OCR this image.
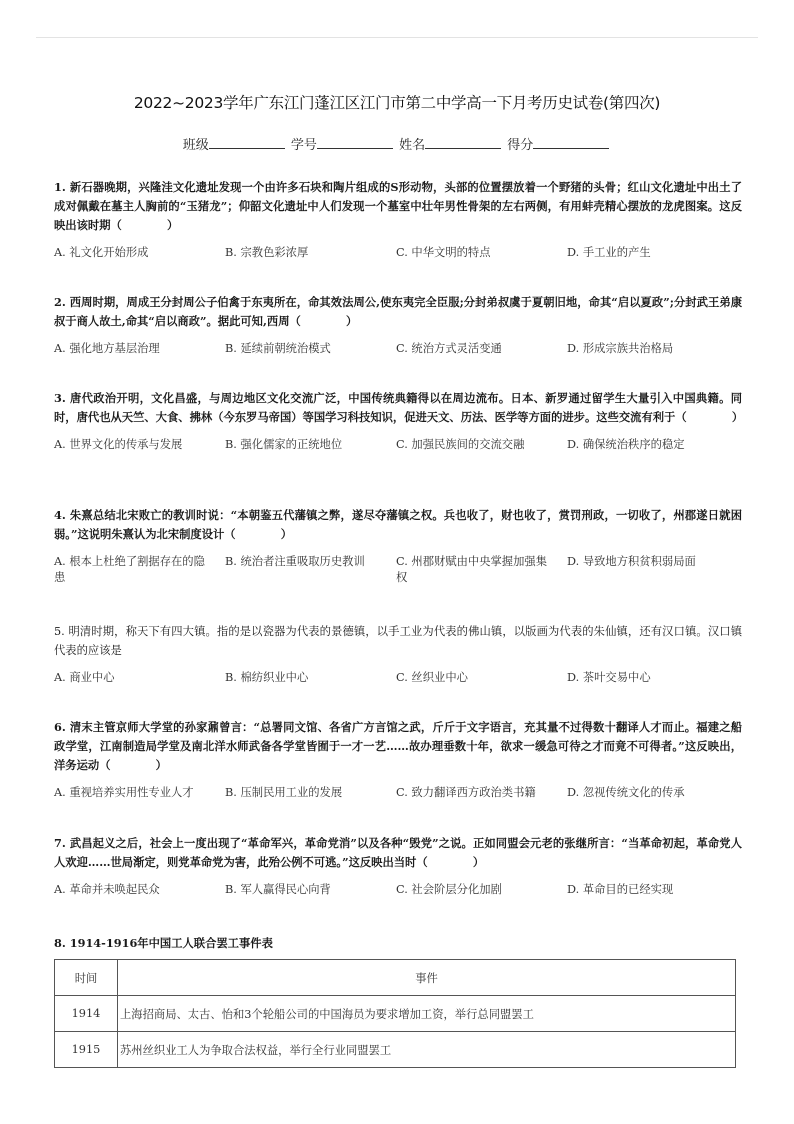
2022~2023学年广东江门蓬江区江门市第二中学高一下月考历史试卷(第四次)
班级	学号	姓名	得分
1. 新石器晚期，兴隆洼文化遗址发现一个由许多石块和陶片组成的S形动物，头部的位置摆放着一个野猪的头骨；红山文化遗址中出土了成对佩戴在墓主人胸前的“玉猪龙”；仰韶文化遗址中人们发现一个墓室中壮年男性骨架的左右两侧，有用蚌壳精心摆放的龙虎图案。这反映出该时期（　　　　）
A. 礼文化开始形成	B. 宗教色彩浓厚	C. 中华文明的特点	D. 手工业的产生
2. 西周时期，周成王分封周公子伯禽于东夷所在，命其效法周公,使东夷完全臣服;分封弟叔虞于夏朝旧地，命其“启以夏政”;分封武王弟康叔于商人故土,命其“启以商政”。据此可知,西周（　　　　）
A. 强化地方基层治理	B. 延续前朝统治模式	C. 统治方式灵活变通	D. 形成宗族共治格局
3. 唐代政治开明，文化昌盛，与周边地区文化交流广泛，中国传统典籍得以在周边流布。日本、新罗通过留学生大量引入中国典籍。同时，唐代也从天竺、大食、拂林（今东罗马帝国）等国学习科技知识，促进天文、历法、医学等方面的进步。这些交流有利于（　　　　）
A. 世界文化的传承与发展	B. 强化儒家的正统地位	C. 加强民族间的交流交融	D. 确保统治秩序的稳定
4. 朱熹总结北宋败亡的教训时说：“本朝鉴五代藩镇之弊，遂尽夺藩镇之权。兵也收了，财也收了，赏罚刑政，一切收了，州郡遂日就困弱。”这说明朱熹认为北宋制度设计（　　　　）
A. 根本上杜绝了割据存在的隐患
B. 统治者注重吸取历史教训	C. 州郡财赋由中央掌握加强集权
D. 导致地方积贫积弱局面
5. 明清时期，称天下有四大镇。指的是以瓷器为代表的景德镇，以手工业为代表的佛山镇，以版画为代表的朱仙镇，还有汉口镇。汉口镇代表的应该是
A. 商业中心	B. 棉纺织业中心	C. 丝织业中心	D. 茶叶交易中心
6. 清末主管京师大学堂的孙家鼐曾言：“总署同文馆、各省广方言馆之武，斤斤于文字语言，充其量不过得数十翻译人才而止。福建之船政学堂，江南制造局学堂及南北洋水师武备各学堂皆囿于一才一艺……故办理垂数十年，欲求一缓急可待之才而竟不可得者。”这反映出，洋务运动（　　　　）
A. 重视培养实用性专业人才	B. 压制民用工业的发展	C. 致力翻译西方政治类书籍	D. 忽视传统文化的传承
7. 武昌起义之后，社会上一度出现了“革命军兴，革命党消”以及各种“毁党”之说。正如同盟会元老的张继所言：“当革命初起，革命党人人欢迎……世局渐定，则党革命党为害，此殆公例不可逃。”这反映出当时（　　　　）
A. 革命并未唤起民众	B. 军人赢得民心向背	C. 社会阶层分化加剧	D. 革命目的已经实现
8. 1914-1916年中国工人联合罢工事件表
时间	事件
1914	上海招商局、太古、怡和3个轮船公司的中国海员为要求增加工资，举行总同盟罢工
1915	苏州丝织业工人为争取合法权益，举行全行业同盟罢工
